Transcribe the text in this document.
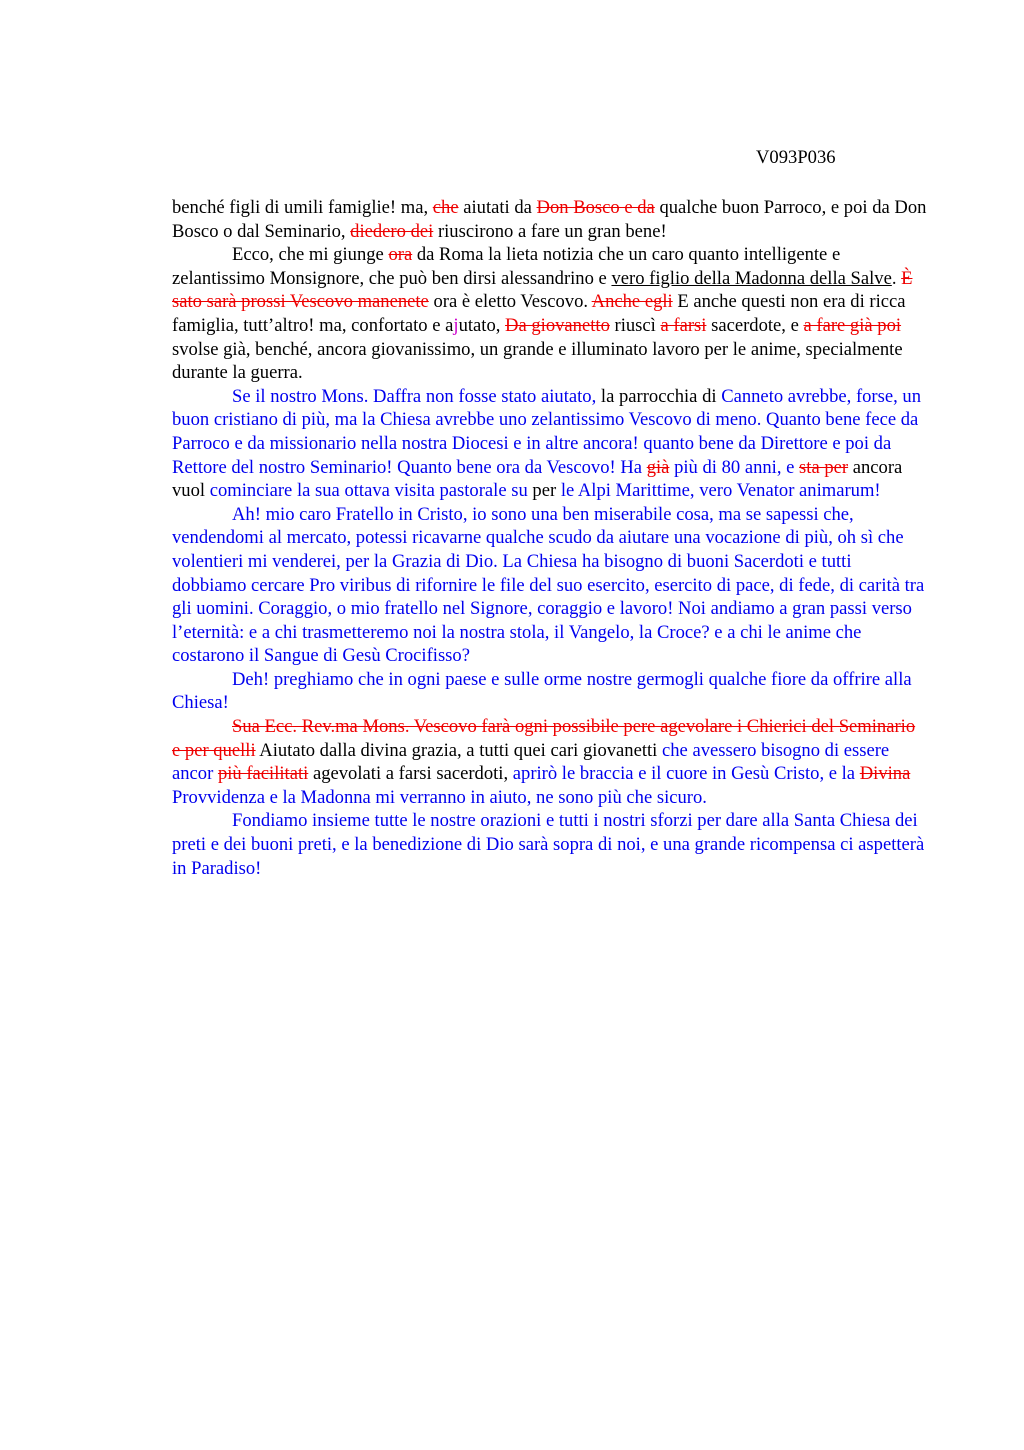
V093P036

benché figli di umili famiglie! ma, che aiutati da Don Bosco e da qualche buon Parroco, e poi da Don Bosco o dal Seminario, diedero dei riuscirono a fare un gran bene!

Ecco, che mi giunge ora da Roma la lieta notizia che un caro quanto intelligente e zelantissimo Monsignore, che può ben dirsi alessandrino e vero figlio della Madonna della Salve. È sato sarà prossi Vescovo manenete ora è eletto Vescovo. Anche egli E anche questi non era di ricca famiglia, tutt’altro! ma, confortato e ajutato, Da giovanetto riuscì a farsi sacerdote, e a fare già poi svolse già, benché, ancora giovanissimo, un grande e illuminato lavoro per le anime, specialmente durante la guerra.

Se il nostro Mons. Daffra non fosse stato aiutato, la parrocchia di Canneto avrebbe, forse, un buon cristiano di più, ma la Chiesa avrebbe uno zelantissimo Vescovo di meno. Quanto bene fece da Parroco e da missionario nella nostra Diocesi e in altre ancora! quanto bene da Direttore e poi da Rettore del nostro Seminario! Quanto bene ora da Vescovo! Ha già più di 80 anni, e sta per ancora vuol cominciare la sua ottava visita pastorale su per le Alpi Marittime, vero Venator animarum!

Ah! mio caro Fratello in Cristo, io sono una ben miserabile cosa, ma se sapessi che, vendendomi al mercato, potessi ricavarne qualche scudo da aiutare una vocazione di più, oh sì che volentieri mi venderei, per la Grazia di Dio. La Chiesa ha bisogno di buoni Sacerdoti e tutti dobbiamo cercare Pro viribus di rifornire le file del suo esercito, esercito di pace, di fede, di carità tra gli uomini. Coraggio, o mio fratello nel Signore, coraggio e lavoro! Noi andiamo a gran passi verso l’eternità: e a chi trasmetteremo noi la nostra stola, il Vangelo, la Croce? e a chi le anime che costarono il Sangue di Gesù Crocifisso?

Deh! preghiamo che in ogni paese e sulle orme nostre germogli qualche fiore da offrire alla Chiesa!

Sua Ecc. Rev.ma Mons. Vescovo farà ogni possibile pere agevolare i Chierici del Seminario e per quelli Aiutato dalla divina grazia, a tutti quei cari giovanetti che avessero bisogno di essere ancor più facilitati agevolati a farsi sacerdoti, aprirò le braccia e il cuore in Gesù Cristo, e la Divina Provvidenza e la Madonna mi verranno in aiuto, ne sono più che sicuro.

Fondiamo insieme tutte le nostre orazioni e tutti i nostri sforzi per dare alla Santa Chiesa dei preti e dei buoni preti, e la benedizione di Dio sarà sopra di noi, e una grande ricompensa ci aspetterà in Paradiso!
